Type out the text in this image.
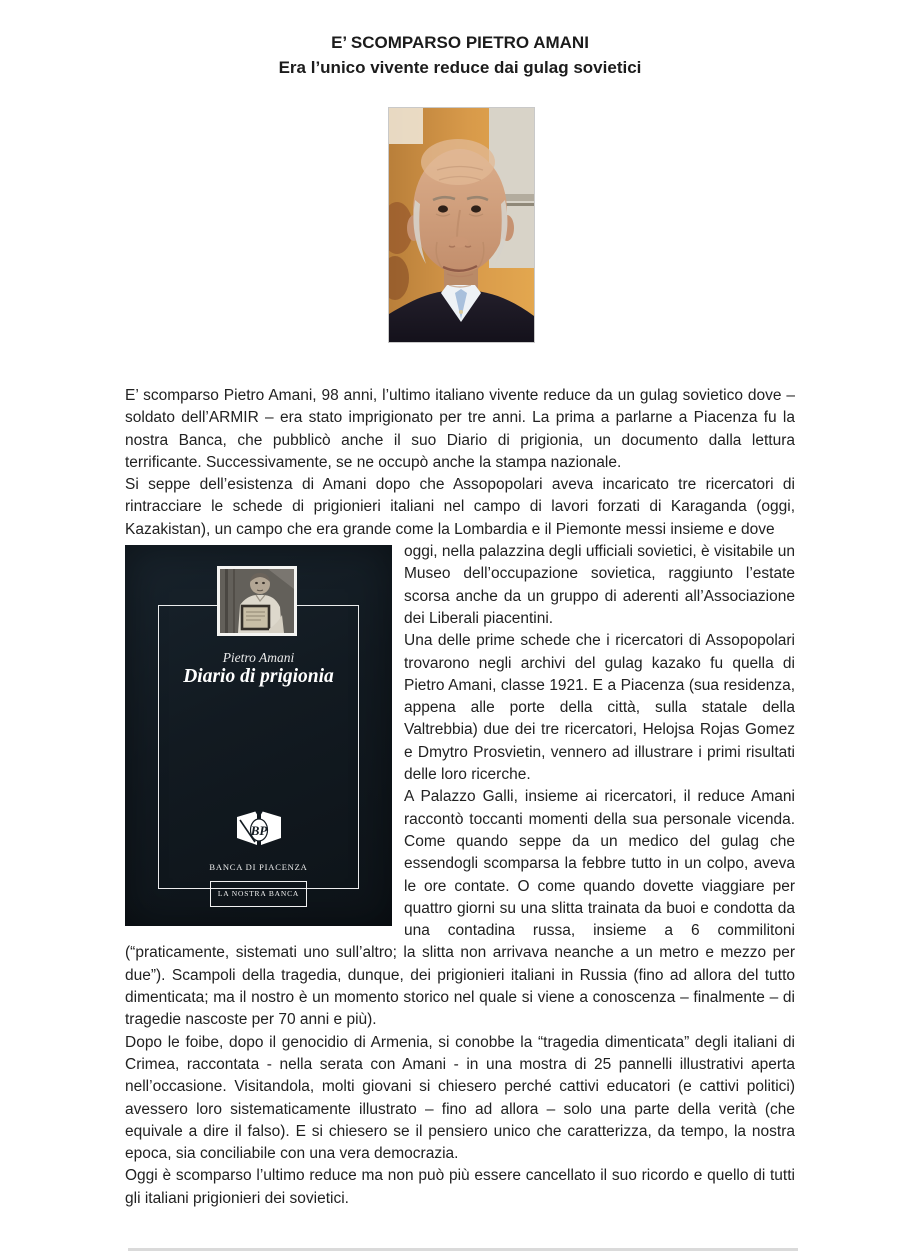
E’ SCOMPARSO PIETRO AMANI
Era l’unico vivente reduce dai gulag sovietici

E’ scomparso Pietro Amani, 98 anni, l’ultimo italiano vivente reduce da un gulag sovietico dove – soldato dell’ARMIR – era stato imprigionato per tre anni. La prima a parlarne a Piacenza fu la nostra Banca, che pubblicò anche il suo Diario di prigionia, un documento dalla lettura terrificante. Successivamente, se ne occupò anche la stampa nazionale.

Si seppe dell’esistenza di Amani dopo che Assopopolari aveva incaricato tre ricercatori di rintracciare le schede di prigionieri italiani nel campo di lavori forzati di Karaganda (oggi, Kazakistan), un campo che era grande come la Lombardia e il Piemonte messi insieme e dove

Pietro Amani
Diario di prigionia
BP
BANCA DI PIACENZA
LA NOSTRA BANCA

oggi, nella palazzina degli ufficiali sovietici, è visitabile un Museo dell’occupazione sovietica, raggiunto l’estate scorsa anche da un gruppo di aderenti all’Associazione dei Liberali piacentini.

Una delle prime schede che i ricercatori di Assopopolari trovarono negli archivi del gulag kazako fu quella di Pietro Amani, classe 1921. E a Piacenza (sua residenza, appena alle porte della città, sulla statale della Valtrebbia) due dei tre ricercatori, Helojsa Rojas Gomez e Dmytro Prosvietin, vennero ad illustrare i primi risultati delle loro ricerche.

A Palazzo Galli, insieme ai ricercatori, il reduce Amani raccontò toccanti momenti della sua personale vicenda. Come quando seppe da un medico del gulag che essendogli scomparsa la febbre tutto in un colpo, aveva le ore contate. O come quando dovette viaggiare per quattro giorni su una slitta trainata da buoi e condotta da una contadina russa, insieme a 6 commilitoni (“praticamente, sistemati uno sull’altro; la slitta non arrivava neanche a un metro e mezzo per due”). Scampoli della tragedia, dunque, dei prigionieri italiani in Russia (fino ad allora del tutto dimenticata; ma il nostro è un momento storico nel quale si viene a conoscenza – finalmente – di tragedie nascoste per 70 anni e più).

Dopo le foibe, dopo il genocidio di Armenia, si conobbe la “tragedia dimenticata” degli italiani di Crimea, raccontata - nella serata con Amani - in una mostra di 25 pannelli illustrativi aperta nell’occasione. Visitandola, molti giovani si chiesero perché cattivi educatori (e cattivi politici) avessero loro sistematicamente illustrato – fino ad allora – solo una parte della verità (che equivale a dire il falso). E si chiesero se il pensiero unico che caratterizza, da tempo, la nostra epoca, sia conciliabile con una vera democrazia.

Oggi è scomparso l’ultimo reduce ma non può più essere cancellato il suo ricordo e quello di tutti gli italiani prigionieri dei sovietici.
